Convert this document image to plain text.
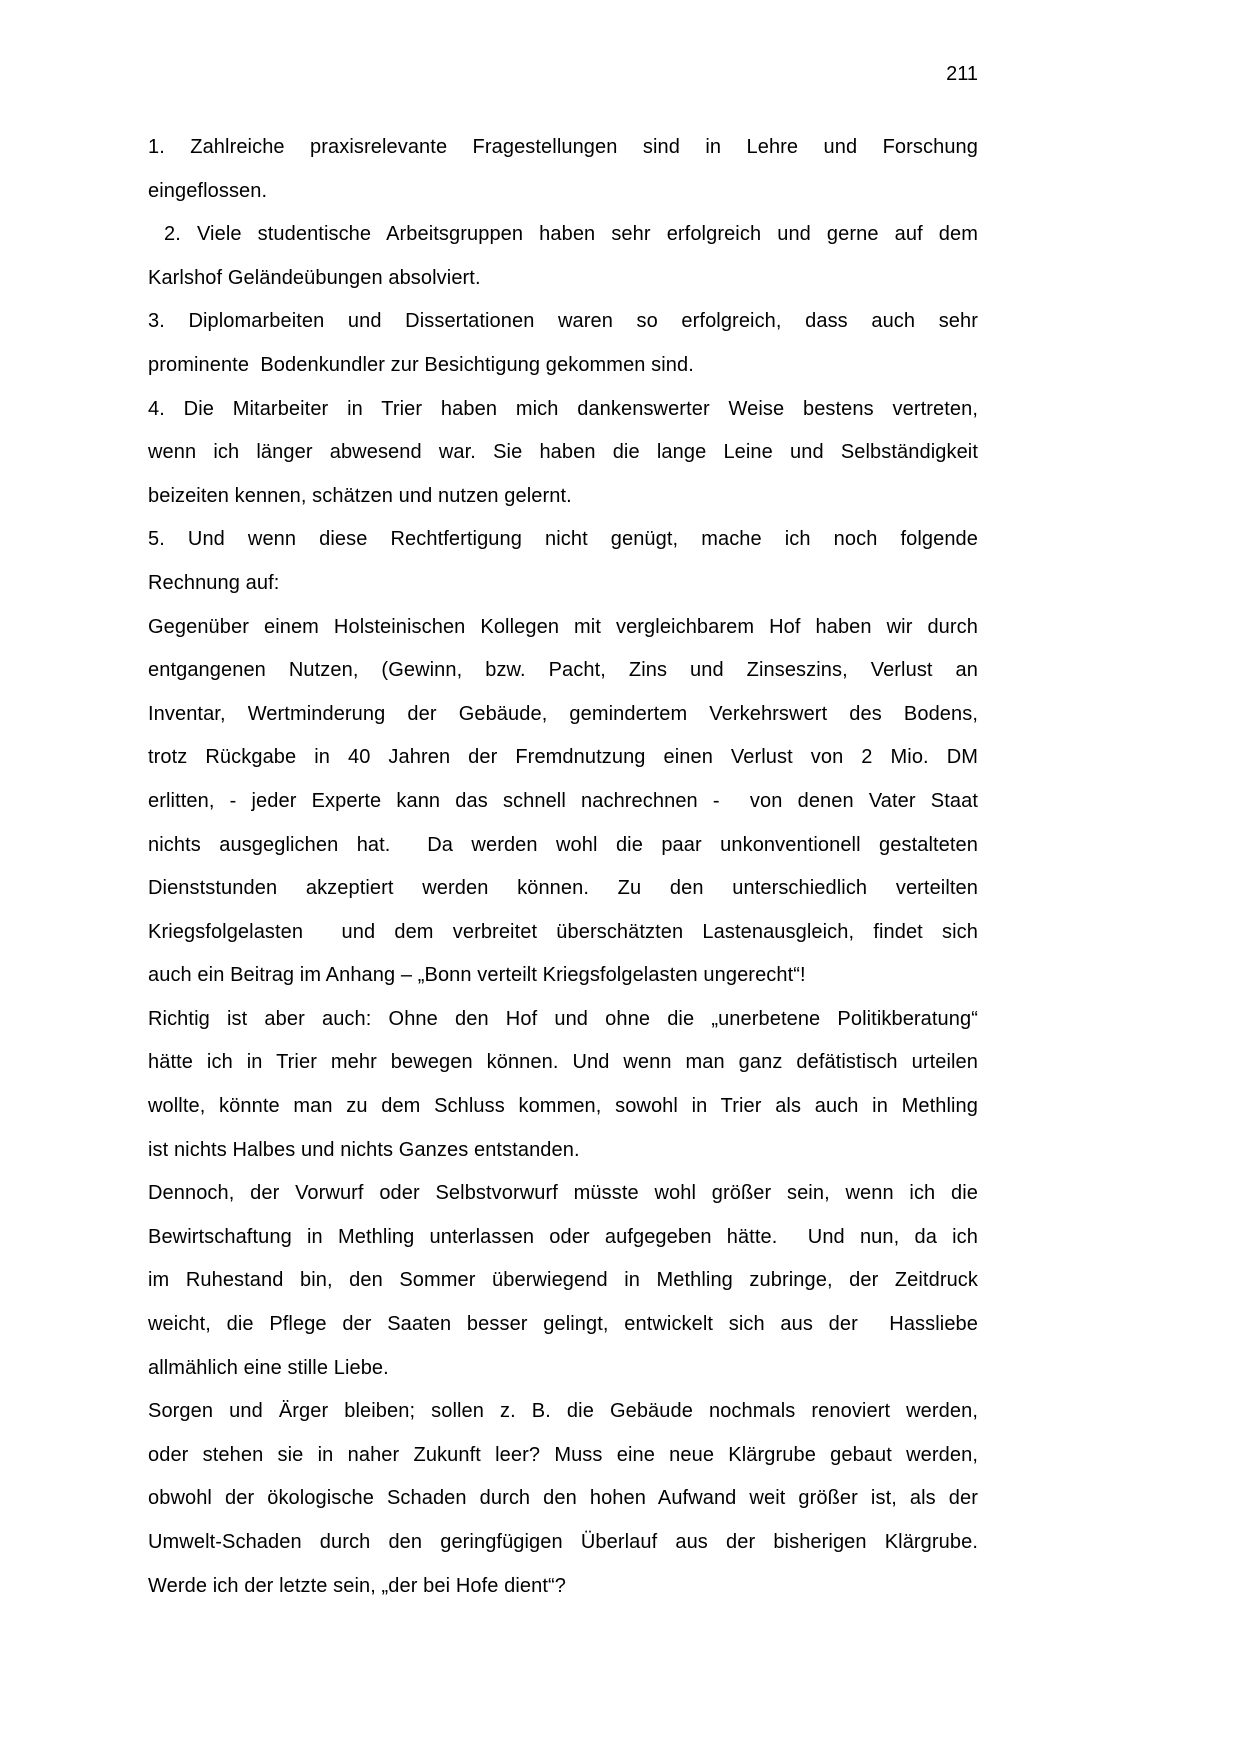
211
1. Zahlreiche praxisrelevante Fragestellungen sind in Lehre und Forschung
eingeflossen.
2. Viele studentische Arbeitsgruppen haben sehr erfolgreich und gerne auf dem
Karlshof Geländeübungen absolviert.
3. Diplomarbeiten und Dissertationen waren so erfolgreich, dass auch sehr
prominente  Bodenkundler zur Besichtigung gekommen sind.
4. Die Mitarbeiter in Trier haben mich dankenswerter Weise bestens vertreten,
wenn ich länger abwesend war. Sie haben die lange Leine und Selbständigkeit
beizeiten kennen, schätzen und nutzen gelernt.
5. Und wenn diese Rechtfertigung nicht genügt, mache ich noch folgende
Rechnung auf:
Gegenüber einem Holsteinischen Kollegen mit vergleichbarem Hof haben wir durch
entgangenen Nutzen, (Gewinn, bzw. Pacht, Zins und Zinseszins, Verlust an
Inventar, Wertminderung der Gebäude, gemindertem Verkehrswert des Bodens,
trotz Rückgabe in 40 Jahren der Fremdnutzung einen Verlust von 2 Mio. DM
erlitten, - jeder Experte kann das schnell nachrechnen -  von denen Vater Staat
nichts ausgeglichen hat.  Da werden wohl die paar unkonventionell gestalteten
Dienststunden akzeptiert werden können. Zu den unterschiedlich verteilten
Kriegsfolgelasten  und dem verbreitet überschätzten Lastenausgleich, findet sich
auch ein Beitrag im Anhang – „Bonn verteilt Kriegsfolgelasten ungerecht“!
Richtig ist aber auch: Ohne den Hof und ohne die „unerbetene Politikberatung“
hätte ich in Trier mehr bewegen können. Und wenn man ganz defätistisch urteilen
wollte, könnte man zu dem Schluss kommen, sowohl in Trier als auch in Methling
ist nichts Halbes und nichts Ganzes entstanden.
Dennoch, der Vorwurf oder Selbstvorwurf müsste wohl größer sein, wenn ich die
Bewirtschaftung in Methling unterlassen oder aufgegeben hätte.  Und nun, da ich
im Ruhestand bin, den Sommer überwiegend in Methling zubringe, der Zeitdruck
weicht, die Pflege der Saaten besser gelingt, entwickelt sich aus der  Hassliebe
allmählich eine stille Liebe.
Sorgen und Ärger bleiben; sollen z. B. die Gebäude nochmals renoviert werden,
oder stehen sie in naher Zukunft leer? Muss eine neue Klärgrube gebaut werden,
obwohl der ökologische Schaden durch den hohen Aufwand weit größer ist, als der
Umwelt-Schaden durch den geringfügigen Überlauf aus der bisherigen Klärgrube.
Werde ich der letzte sein, „der bei Hofe dient“?
